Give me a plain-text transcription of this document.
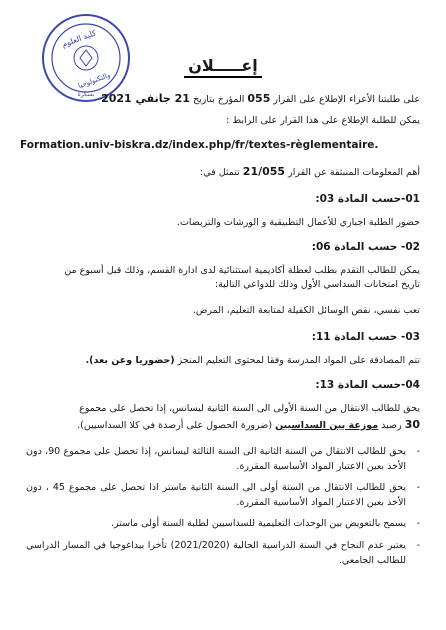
كلية العلوم
والتكنولوجيا
بسكرة
إعـــــلان
على طلبتنا الأعزاء الإطلاع على القرار 055 المؤرخ بتاريخ 21 جانفي 2021
يمكن للطلبة الإطلاع على هذا القرار على الرابط :
Formation.univ-biskra.dz/index.php/fr/textes-règlementaire.
أهم المعلومات المنبثقة عن القرار 21/055 تتمثل في:
01-حسب المادة 03:
حضور الطلبة اجباري للأعمال التطبيقية و الورشات والتربصات.
02- حسب المادة 06:
يمكن للطالب التقدم بطلب لعطلة أكاديمية استثنائية لدى ادارة القسم، وذلك قبل أسبوع من
تاريخ امتحانات السداسي الأول وذلك للدواعي التالية:
تعب نفسي، نقص الوسائل الكفيلة لمتابعة التعليم، المرض.
03- حسب المادة 11:
تتم المصادقة على المواد المدرسة وفقا لمحتوى التعليم المنجز (حضوريا وعن بعد).
04-حسب المادة 13:
يحق للطالب الانتقال من السنة الأولى الى السنة الثانية ليسانس، إذا تحصل على مجموع
30 رصيد موزعة بين السداسيين (ضرورة الحصول على أرصدة في كلا السداسيين).
-
يحق للطالب الانتقال من السنة الثانية الى السنة الثالثة ليسانس، إذا تحصل على مجموع 90، دون الأخذ بعين الاعتبار المواد الأساسية المقررة.
-
يحق للطالب الانتقال من السنة أولى الى السنة الثانية ماستر اذا تحصل على مجموع 45 ، دون الأخذ بعين الاعتبار المواد الأساسية المقررة.
-
يسمح بالتعويض بين الوحدات التعليمية للسداسيين لطلبة السنة أولى ماستر.
-
يعتبر عدم النجاح في السنة الدراسية الحالية (2021/2020) تأخرا بيداغوجيا في المسار الدراسي للطالب الجامعي.
